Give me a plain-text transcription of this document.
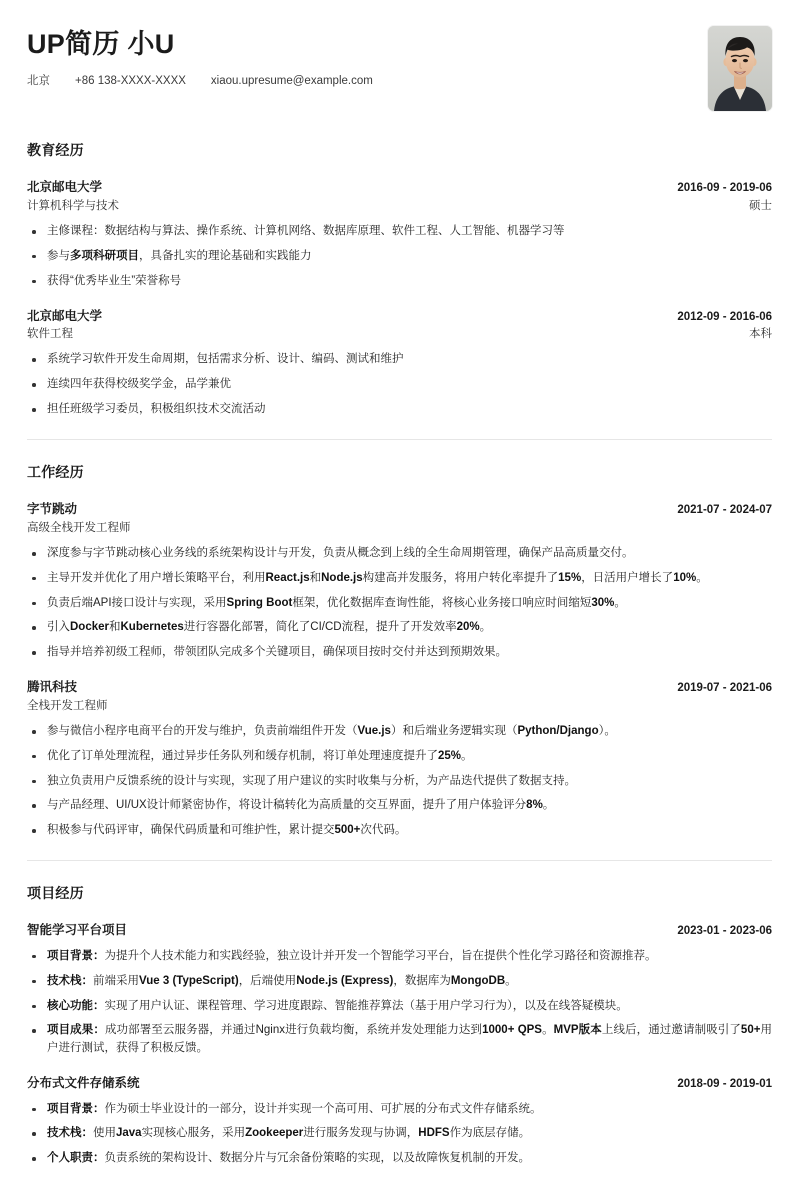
UP简历 小U
北京 +86 138-XXXX-XXXX xiaou.upresume@example.com
教育经历
北京邮电大学	2016-09 - 2019-06
计算机科学与技术	硕士
主修课程：数据结构与算法、操作系统、计算机网络、数据库原理、软件工程、人工智能、机器学习等
参与多项科研项目，具备扎实的理论基础和实践能力
获得“优秀毕业生”荣誉称号
北京邮电大学	2012-09 - 2016-06
软件工程	本科
系统学习软件开发生命周期，包括需求分析、设计、编码、测试和维护
连续四年获得校级奖学金，品学兼优
担任班级学习委员，积极组织技术交流活动
工作经历
字节跳动	2021-07 - 2024-07
高级全栈开发工程师
深度参与字节跳动核心业务线的系统架构设计与开发，负责从概念到上线的全生命周期管理，确保产品高质量交付。
主导开发并优化了用户增长策略平台，利用React.js和Node.js构建高并发服务，将用户转化率提升了15%，日活用户增长了10%。
负责后端API接口设计与实现，采用Spring Boot框架，优化数据库查询性能，将核心业务接口响应时间缩短30%。
引入Docker和Kubernetes进行容器化部署，简化了CI/CD流程，提升了开发效率20%。
指导并培养初级工程师，带领团队完成多个关键项目，确保项目按时交付并达到预期效果。
腾讯科技	2019-07 - 2021-06
全栈开发工程师
参与微信小程序电商平台的开发与维护，负责前端组件开发（Vue.js）和后端业务逻辑实现（Python/Django）。
优化了订单处理流程，通过异步任务队列和缓存机制，将订单处理速度提升了25%。
独立负责用户反馈系统的设计与实现，实现了用户建议的实时收集与分析，为产品迭代提供了数据支持。
与产品经理、UI/UX设计师紧密协作，将设计稿转化为高质量的交互界面，提升了用户体验评分8%。
积极参与代码评审，确保代码质量和可维护性，累计提交500+次代码。
项目经历
智能学习平台项目	2023-01 - 2023-06
项目背景：为提升个人技术能力和实践经验，独立设计并开发一个智能学习平台，旨在提供个性化学习路径和资源推荐。
技术栈：前端采用Vue 3 (TypeScript)，后端使用Node.js (Express)，数据库为MongoDB。
核心功能：实现了用户认证、课程管理、学习进度跟踪、智能推荐算法（基于用户学习行为），以及在线答疑模块。
项目成果：成功部署至云服务器，并通过Nginx进行负载均衡，系统并发处理能力达到1000+ QPS。MVP版本上线后，通过邀请制吸引了50+用户进行测试，获得了积极反馈。
分布式文件存储系统	2018-09 - 2019-01
项目背景：作为硕士毕业设计的一部分，设计并实现一个高可用、可扩展的分布式文件存储系统。
技术栈：使用Java实现核心服务，采用Zookeeper进行服务发现与协调，HDFS作为底层存储。
个人职责：负责系统的架构设计、数据分片与冗余备份策略的实现，以及故障恢复机制的开发。
